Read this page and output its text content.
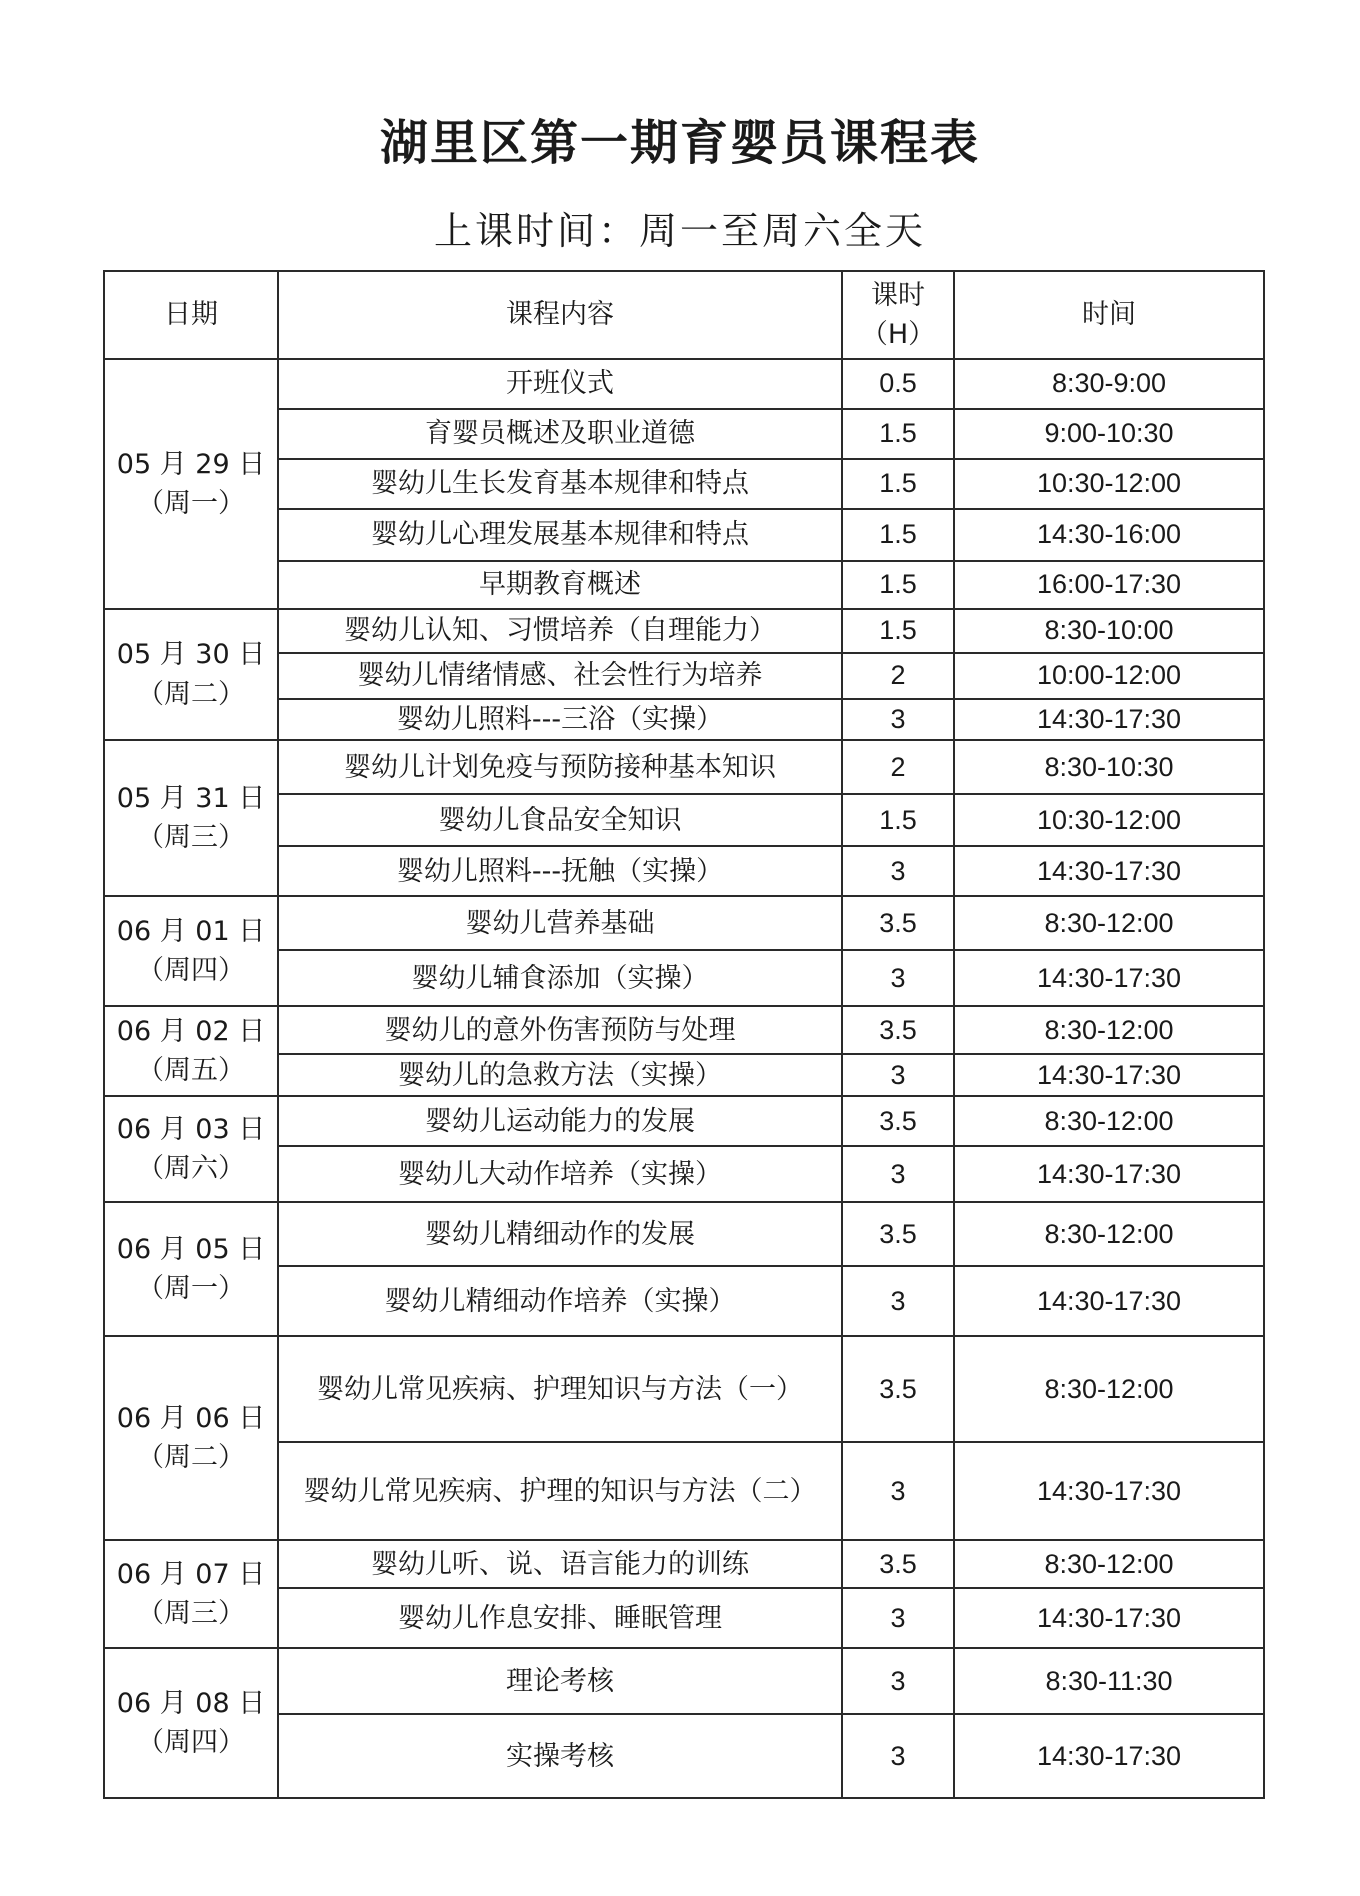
湖里区第一期育婴员课程表
上课时间：周一至周六全天
日期	课程内容	课时
（H）	时间
05 月 29 日
（周一）	开班仪式	0.5	8:30-9:00
	育婴员概述及职业道德	1.5	9:00-10:30
	婴幼儿生长发育基本规律和特点	1.5	10:30-12:00
	婴幼儿心理发展基本规律和特点	1.5	14:30-16:00
	早期教育概述	1.5	16:00-17:30
05 月 30 日
（周二）	婴幼儿认知、习惯培养（自理能力）	1.5	8:30-10:00
	婴幼儿情绪情感、社会性行为培养	2	10:00-12:00
	婴幼儿照料---三浴（实操）	3	14:30-17:30
05 月 31 日
（周三）	婴幼儿计划免疫与预防接种基本知识	2	8:30-10:30
	婴幼儿食品安全知识	1.5	10:30-12:00
	婴幼儿照料---抚触（实操）	3	14:30-17:30
06 月 01 日
（周四）	婴幼儿营养基础	3.5	8:30-12:00
	婴幼儿辅食添加（实操）	3	14:30-17:30
06 月 02 日
（周五）	婴幼儿的意外伤害预防与处理	3.5	8:30-12:00
	婴幼儿的急救方法（实操）	3	14:30-17:30
06 月 03 日
（周六）	婴幼儿运动能力的发展	3.5	8:30-12:00
	婴幼儿大动作培养（实操）	3	14:30-17:30
06 月 05 日
（周一）	婴幼儿精细动作的发展	3.5	8:30-12:00
	婴幼儿精细动作培养（实操）	3	14:30-17:30
06 月 06 日
（周二）	婴幼儿常见疾病、护理知识与方法（一）	3.5	8:30-12:00
	婴幼儿常见疾病、护理的知识与方法（二）	3	14:30-17:30
06 月 07 日
（周三）	婴幼儿听、说、语言能力的训练	3.5	8:30-12:00
	婴幼儿作息安排、睡眠管理	3	14:30-17:30
06 月 08 日
（周四）	理论考核	3	8:30-11:30
	实操考核	3	14:30-17:30
